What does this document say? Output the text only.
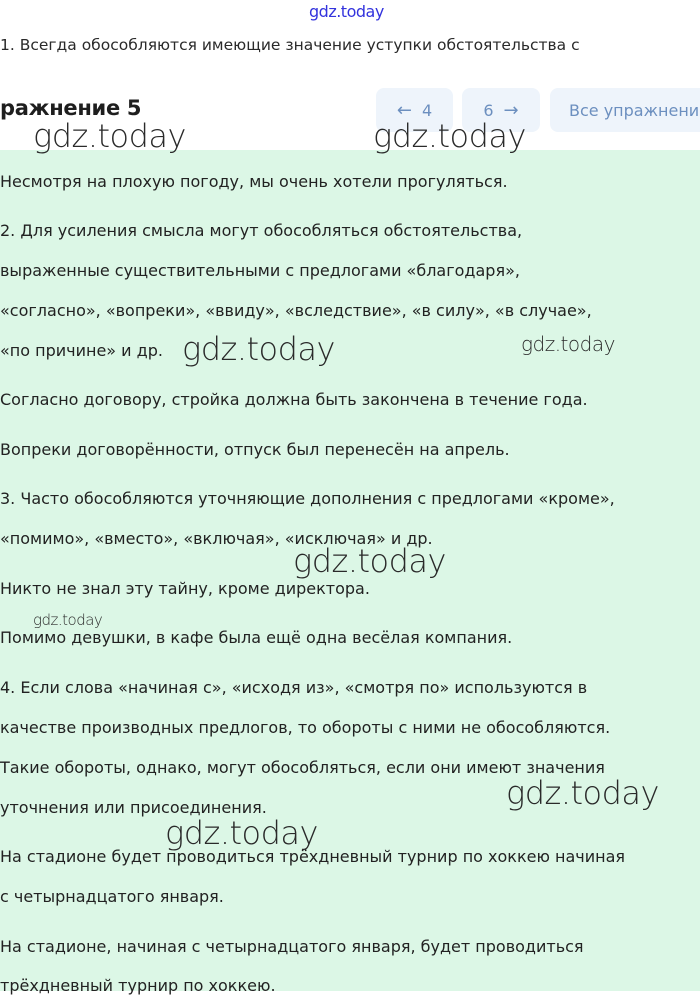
gdz.today
1. Всегда обособляются имеющие значение уступки обстоятельства с
ражнение 5	← 4	6 →	Все упражнени
Несмотря на плохую погоду, мы очень хотели прогуляться.
2. Для усиления смысла могут обособляться обстоятельства,
выраженные существительными с предлогами «благодаря»,
«согласно», «вопреки», «ввиду», «вследствие», «в силу», «в случае»,
«по причине» и др.
Согласно договору, стройка должна быть закончена в течение года.
Вопреки договорённости, отпуск был перенесён на апрель.
3. Часто обособляются уточняющие дополнения с предлогами «кроме»,
«помимо», «вместо», «включая», «исключая» и др.
Никто не знал эту тайну, кроме директора.
Помимо девушки, в кафе была ещё одна весёлая компания.
4. Если слова «начиная с», «исходя из», «смотря по» используются в
качестве производных предлогов, то обороты с ними не обособляются.
Такие обороты, однако, могут обособляться, если они имеют значения
уточнения или присоединения.
На стадионе будет проводиться трёхдневный турнир по хоккею начиная
с четырнадцатого января.
На стадионе, начиная с четырнадцатого января, будет проводиться
трёхдневный турнир по хоккею.
gdz.today	gdz.today
gdz.today	gdz.today
gdz.today
gdz.today
gdz.today
gdz.today
